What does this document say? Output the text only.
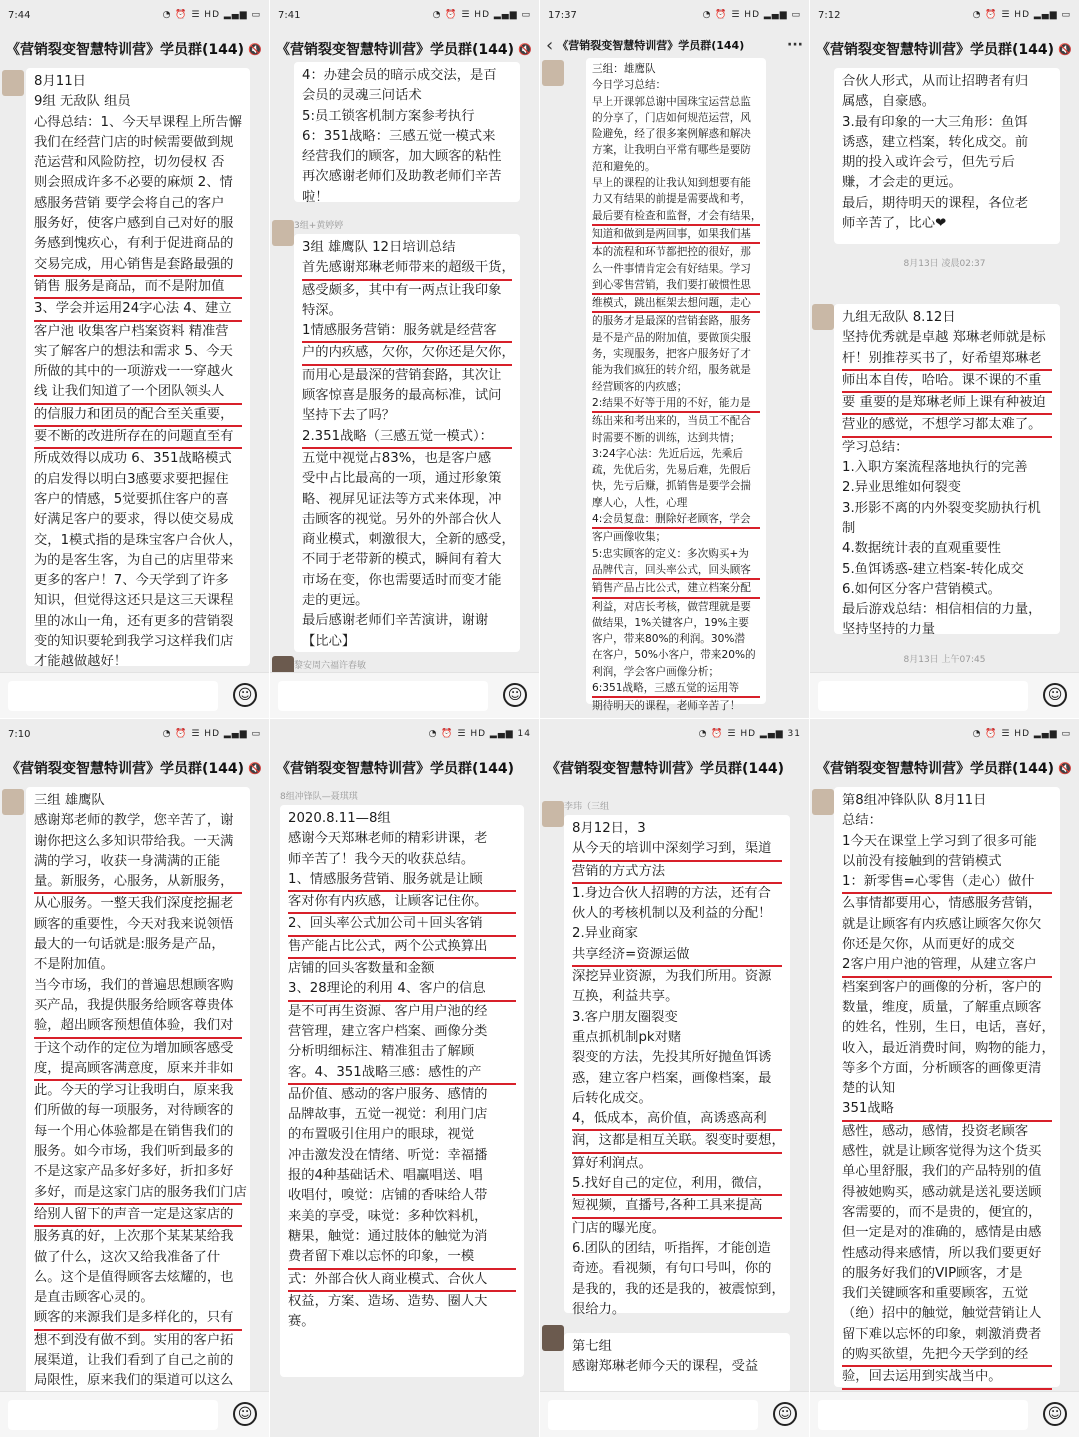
7:44	◔ ⏰ ☰ HD ▂▄▆ ▭
《营销裂变智慧特训营》学员群(144) 🔇

8月11日

9组 无敌队 组员

心得总结：1、今天早课程上所告懈

我们在经营门店的时候需要做到规

范运营和风险防控，切勿侵权 否

则会照成许多不必要的麻烦 2、情

感服务营销 要学会将自己的客户

服务好，使客户感到自己对好的服

务感到愧疚心，有利于促进商品的

交易完成，用心销售是套路最强的

销售 服务是商品，而不是附加值

3、学会并运用24字心法 4、建立

客户池 收集客户档案资料 精准营

实了解客户的想法和需求 5、今天

所做的其中的一项游戏一一穿越火

线 让我们知道了一个团队领头人

的信服力和团员的配合至关重要，

要不断的改进所存在的问题直至有

所成效得以成功 6、351战略模式

的启发得以明白3感要求要把握住

客户的情感，5觉要抓住客户的喜

好满足客户的要求，得以使交易成

交，1模式指的是珠宝客户合伙人，

为的是客生客，为自己的店里带来

更多的客户！7、今天学到了许多

知识，但觉得这还只是这三天课程

里的冰山一角，还有更多的营销裂

变的知识要轮到我学习这样我们店

才能越做越好！

☺
7:41	◔ ⏰ ☰ HD ▂▄▆ ▭
《营销裂变智慧特训营》学员群(144) 🔇

4：办建会员的暗示成交法，是百

会员的灵魂三问话术

5:员工锁客机制方案参考执行

6：351战略：三感五觉一模式来

经营我们的顾客，加大顾客的粘性

再次感谢老师们及助教老师们辛苦

啦！

3组+黄婷婷

3组 雄鹰队 12日培训总结

首先感谢郑琳老师带来的超级干货，

感受颇多，其中有一两点让我印象

特深。

1情感服务营销：服务就是经营客

户的内疚感，欠你，欠你还是欠你，

而用心是最深的营销套路，其次让

顾客惊喜是服务的最高标准，试问

坚持下去了吗？

2.351战略（三感五觉一模式）：

五觉中视觉占83%，也是客户感

受中占比最高的一项，通过形象策

略、视屏见证法等方式来体现，冲

击顾客的视觉。另外的外部合伙人

商业模式，刺激很大，全新的感受，

不同于老带新的模式，瞬间有着大

市场在变，你也需要适时而变才能

走的更远。

最后感谢老师们辛苦演讲，谢谢

【比心】

黎安周六福许春敏
☺
17:37	◔ ⏰ ☰ HD ▂▄▆ ▭
‹ 《营销裂变智慧特训营》学员群(144)	···

三组：雄鹰队

今日学习总结：

早上开课郭总谢中国珠宝运营总监

的分享了，门店如何规范运营，风

险避免，经了很多案例解惑和解决

方案，让我明白平常有哪些是要防

范和避免的。

早上的课程的让我认知到想要有能

力又有结果的前提是需要战和考，

最后要有检查和监督，才会有结果，

知道和做到是两回事，如果我们基

本的流程和环节都把控的很好，那

么一件事情肯定会有好结果。学习

到心零售营销，我们要打破惯性思

维模式，跳出框架去想问题，走心

的服务才是最深的营销套路，服务

是不是产品的附加值，要做顶尖服

务，实现服务，把客户服务好了才

能为我们疯狂的转介绍，服务就是

经营顾客的内疚感；

2:结果不好等于用的不好，能力是

练出来和考出来的，当员工不配合

时需要不断的训练，达到共情；

3:24字心法：先近后远，先乘后

疏，先优后劣，先易后难，先假后

快，先亏后赚，抓销售是要学会揣

摩人心，人性，心理

4:会员复盘：删除好老顾客，学会

客户画像收集；

5:忠实顾客的定义：多次购买+为

品牌代言，回头率公式，回头顾客

销售产品占比公式，建立档案分配

利益，对店长考核，做营理就是要

做结果，1%关键客户，19%主要

客户，带来80%的利润。30%潜

在客户，50%小客户，带来20%的

利润，学会客户画像分析；

6:351战略，三感五觉的运用等

期待明天的课程，老师辛苦了！

7:12	◔ ⏰ ☰ HD ▂▄▆ ▭
《营销裂变智慧特训营》学员群(144) 🔇

合伙人形式，从而让招聘者有归

属感，自豪感。

3.最有印象的一大三角形：鱼饵

诱惑，建立档案，转化成交。前

期的投入或许会亏，但先亏后

赚，才会走的更远。

最后，期待明天的课程，各位老

师辛苦了，比心❤

8月13日 凌晨02:37

九组无敌队 8.12日

坚持优秀就是卓越 郑琳老师就是标

杆！别推荐买书了，好希望郑琳老

师出本自传，哈哈。课不课的不重

要 重要的是郑琳老师上课有种被迫

营业的感觉，不想学习都太难了。

学习总结：

1.入职方案流程落地执行的完善

2.异业思维如何裂变

3.形影不离的内外裂变奖励执行机

制

4.数据统计表的直观重要性

5.鱼饵诱惑-建立档案-转化成交

6.如何区分客户营销模式。

最后游戏总结：相信相信的力量，

坚持坚持的力量

8月13日 上午07:45
☺
7:10	◔ ⏰ ☰ HD ▂▄▆ ▭
《营销裂变智慧特训营》学员群(144) 🔇

三组 雄鹰队

感谢郑老师的教学，您辛苦了，谢

谢你把这么多知识带给我。一天满

满的学习，收获一身满满的正能

量。新服务，心服务，从新服务，

从心服务。一整天我们深度挖掘老

顾客的重要性，今天对我来说领悟

最大的一句话就是:服务是产品，

不是附加值。

当今市场，我们的普遍思想顾客购

买产品，我提供服务给顾客尊贵体

验，超出顾客预想值体验，我们对

于这个动作的定位为增加顾客感受

度，提高顾客满意度，原来并非如

此。今天的学习让我明白，原来我

们所做的每一项服务，对待顾客的

每一个用心体验都是在销售我们的

服务。如今市场，我们听到最多的

不是这家产品多好多好，折扣多好

多好，而是这家门店的服务我们门店

给别人留下的声音一定是这家店的

服务真的好，上次那个某某某给我

做了什么，这次又给我准备了什

么。这个是值得顾客去炫耀的，也

是直击顾客心灵的。

顾客的来源我们是多样化的，只有

想不到没有做不到。实用的客户拓

展渠道，让我们看到了自己之前的

局限性，原来我们的渠道可以这么

☺
◔ ⏰ ☰ HD ▂▄▆ 14
《营销裂变智慧特训营》学员群(144)
8组冲锋队—聂琪琪

2020.8.11—8组

感谢今天郑琳老师的精彩讲课，老

师辛苦了！我今天的收获总结。

1、情感服务营销、服务就是让顾

客对你有内疚感，让顾客记住你。

2、回头率公式加公司＋回头客销

售产能占比公式，两个公式换算出

店铺的回头客数量和金额

3、28理论的利用 4、客户的信息

是不可再生资源、客户用户池的经

营管理，建立客户档案、画像分类

分析明细标注、精准狙击了解顾

客。4、351战略三感：感性的产

品价值、感动的客户服务、感情的

品牌故事，五觉一视觉：利用门店

的布置吸引住用户的眼球，视觉

冲击激发没在情绪、听觉：幸福播

报的4种基础话术、唱赢唱送、唱

收唱付，嗅觉：店铺的香味给人带

来美的享受，味觉：多种饮料机，

糖果，触觉：通过肢体的触觉为消

费者留下难以忘怀的印象，一模

式：外部合伙人商业模式、合伙人

权益，方案、造场、造势、圈人大

赛。

◔ ⏰ ☰ HD ▂▄▆ 31
《营销裂变智慧特训营》学员群(144)
李玮（三组

8月12日，3

从今天的培训中深刻学习到，渠道

营销的方式方法

1.身边合伙人招聘的方法，还有合

伙人的考核机制以及利益的分配！

2.异业商家

共享经济=资源运做

深挖异业资源，为我们所用。资源

互换，利益共享。

3.客户朋友圈裂变

重点抓机制pk对赌

裂变的方法，先投其所好抛鱼饵诱

惑，建立客户档案，画像档案，最

后转化成交。

4，低成本，高价值，高诱惑高利

润，这都是相互关联。裂变时要想，

算好利润点。

5.找好自己的定位，利用，微信，

短视频，直播号,各种工具来提高

门店的曝光度。

6.团队的团结，听指挥，才能创造

奇迹。看视频，有句口号叫，你的

是我的，我的还是我的，被震惊到，

很给力。

第七组

感谢郑琳老师今天的课程，受益

☺
◔ ⏰ ☰ HD ▂▄▆ ▭
《营销裂变智慧特训营》学员群(144) 🔇

第8组冲锋队队 8月11日

总结：

1今天在课堂上学习到了很多可能

以前没有接触到的营销模式

1：新零售=心零售（走心）做什

么事情都要用心，情感服务营销，

就是让顾客有内疚感让顾客欠你欠

你还是欠你，从而更好的成交

2客户用户池的管理，从建立客户

档案到客户的画像的分析，客户的

数量，维度，质量，了解重点顾客

的姓名，性别，生日，电话，喜好，

收入，最近消费时间，购物的能力，

等多个方面，分析顾客的画像更清

楚的认知

351战略

感性，感动，感情，投资老顾客

感性，就是让顾客觉得为这个货买

单心里舒服，我们的产品特别的值

得被她购买，感动就是送礼要送顾

客需要的，而不是贵的，便宜的，

但一定是对的准确的，感情是由感

性感动得来感情，所以我们要更好

的服务好我们的VIP顾客，才是

我们关键顾客和重要顾客，五觉

（绝）招中的触觉，触觉营销让人

留下难以忘怀的印象，刺激消费者

的购买欲望，先把今天学到的经

验，回去运用到实战当中。

☺
